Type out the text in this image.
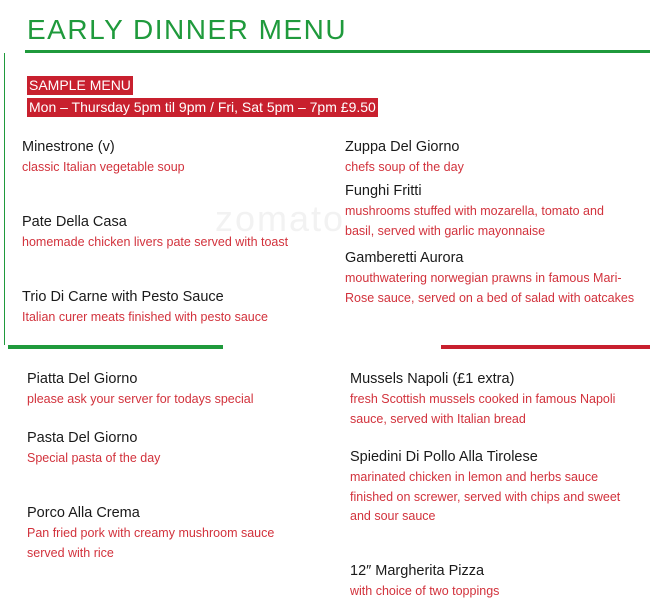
zomato
EARLY DINNER MENU
SAMPLE MENU
Mon – Thursday 5pm til 9pm / Fri, Sat 5pm – 7pm £9.50
Minestrone (v)
classic Italian vegetable soup
Pate Della Casa
homemade chicken livers pate served with toast
Trio Di Carne with Pesto Sauce
Italian curer meats finished with pesto sauce
Zuppa Del Giorno
chefs soup of the day
Funghi Fritti
mushrooms stuffed with mozarella, tomato and basil, served with garlic mayonnaise
Gamberetti Aurora
mouthwatering norwegian prawns in famous Mari-Rose sauce, served on a bed of salad with oatcakes
Piatta Del Giorno
please ask your server for todays special
Pasta Del Giorno
Special pasta of the day
Porco Alla Crema
Pan fried pork with creamy mushroom sauce served with rice
Mussels Napoli (£1 extra)
fresh Scottish mussels cooked in famous Napoli sauce, served with Italian bread
Spiedini Di Pollo Alla Tirolese
marinated chicken in lemon and herbs sauce finished on screwer, served with chips and sweet and sour sauce
12″ Margherita Pizza
with choice of two toppings
